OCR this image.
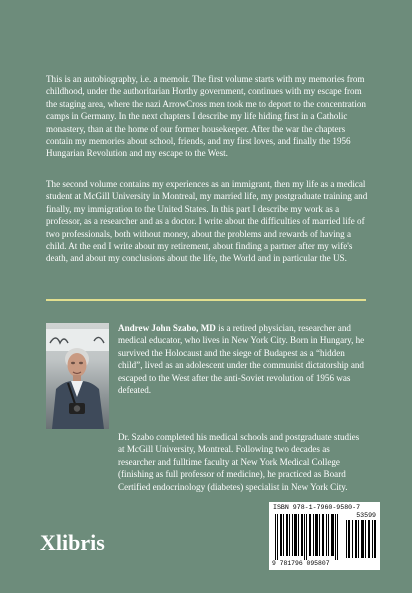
This is an autobiography, i.e. a memoir. The first volume starts with my memories from childhood, under the authoritarian Horthy government, continues with my escape from the staging area, where the nazi ArrowCross men took me to deport to the concentration camps in Germany. In the next chapters I describe my life hiding first in a Catholic monastery, than at the home of our former housekeeper. After the war the chapters contain my memories about school, friends, and my first loves, and finally the 1956 Hungarian Revolution and my escape to the West.

The second volume contains my experiences as an immigrant, then my life as a medical student at McGill University in Montreal, my married life, my postgraduate training and finally, my immigration to the United States. In this part I describe my work as a professor, as a researcher and as a doctor. I write about the difficulties of married life of two professionals, both without money, about the problems and rewards of having a child. At the end I write about my retirement, about finding a partner after my wife's death, and about my conclusions about the life, the World and in particular the US.

Andrew John Szabo, MD is a retired physician, researcher and medical educator, who lives in New York City. Born in Hungary, he survived the Holocaust and the siege of Budapest as a “hidden child”, lived as an adolescent under the communist dictatorship and escaped to the West after the anti-Soviet revolution of 1956 was defeated.

Dr. Szabo completed his medical schools and postgraduate studies at McGill University, Montreal. Following two decades as researcher and fulltime faculty at New York Medical College (finishing as full professor of medicine), he practiced as Board Certified endocrinology (diabetes) specialist in New York City.

Xlibris
ISBN 978-1-7960-9580-7
53599
9 781796 095807
